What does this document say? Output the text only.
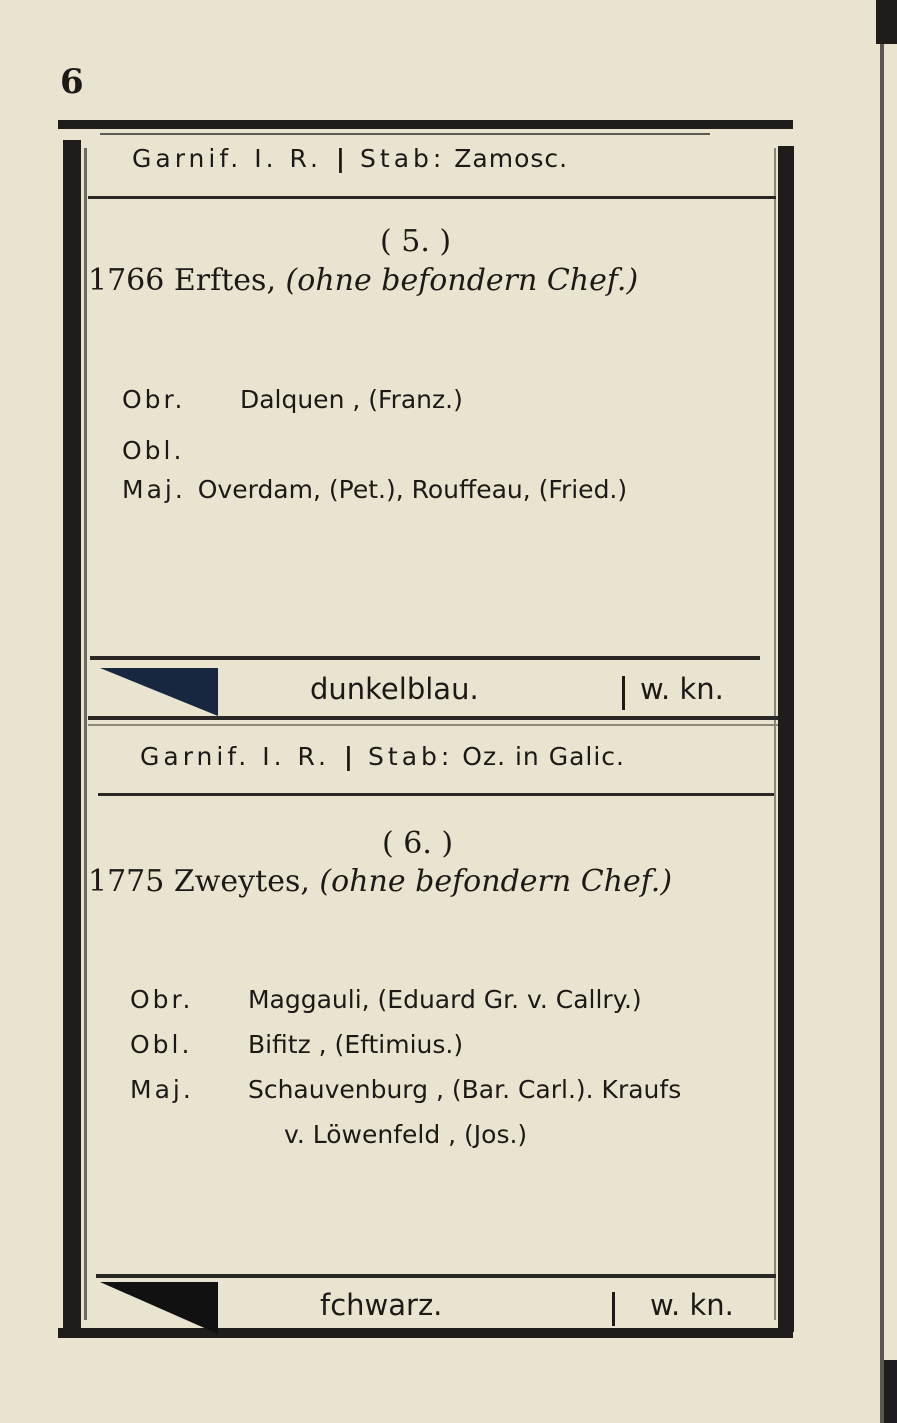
6
Garnif. I. R. | Stab: Zamosc.
( 5. )
1766 Erftes, (ohne befondern Chef.)
Obr. Dalquen , (Franz.)
Obl.
Maj. Overdam, (Pet.), Rouffeau, (Fried.)
dunkelblau.	w. kn.
Garnif. I. R. | Stab: Oz. in Galic.
( 6. )
1775 Zweytes, (ohne befondern Chef.)
Obr. Maggauli, (Eduard Gr. v. Callry.)
Obl. Bifitz , (Eftimius.)
Maj. Schauvenburg , (Bar. Carl.). Kraufs
v. Löwenfeld , (Jos.)
fchwarz.	w. kn.
